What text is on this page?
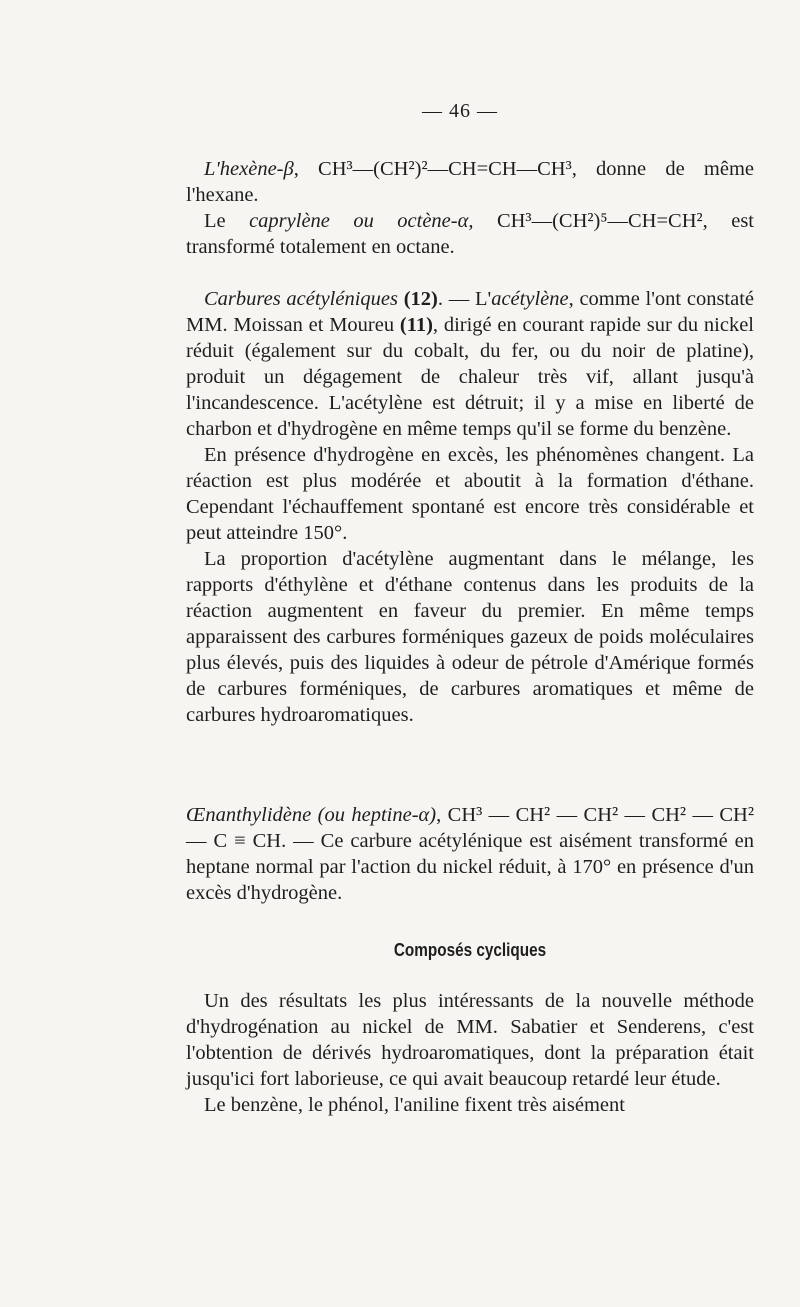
— 46 —

L'hexène-β, CH³—(CH²)²—CH=CH—CH³, donne de même l'hexane.

Le caprylène ou octène-α, CH³—(CH²)⁵—CH=CH², est transformé totalement en octane.

Carbures acétyléniques (12). — L'acétylène, comme l'ont constaté MM. Moissan et Moureu (11), dirigé en courant rapide sur du nickel réduit (également sur du cobalt, du fer, ou du noir de platine), produit un dégagement de chaleur très vif, allant jusqu'à l'incandescence. L'acétylène est détruit; il y a mise en liberté de charbon et d'hydrogène en même temps qu'il se forme du benzène.

En présence d'hydrogène en excès, les phénomènes changent. La réaction est plus modérée et aboutit à la formation d'éthane. Cependant l'échauffement spontané est encore très considérable et peut atteindre 150°.

La proportion d'acétylène augmentant dans le mélange, les rapports d'éthylène et d'éthane contenus dans les produits de la réaction augmentent en faveur du premier. En même temps apparaissent des carbures forméniques gazeux de poids moléculaires plus élevés, puis des liquides à odeur de pétrole d'Amérique formés de carbures forméniques, de carbures aromatiques et même de carbures hydroaromatiques.

Œnanthylidène (ou heptine-α), CH³ — CH² — CH² — CH² — CH² — C ≡ CH. — Ce carbure acétylénique est aisément transformé en heptane normal par l'action du nickel réduit, à 170° en présence d'un excès d'hydrogène.

Composés cycliques

Un des résultats les plus intéressants de la nouvelle méthode d'hydrogénation au nickel de MM. Sabatier et Senderens, c'est l'obtention de dérivés hydroaromatiques, dont la préparation était jusqu'ici fort laborieuse, ce qui avait beaucoup retardé leur étude.

Le benzène, le phénol, l'aniline fixent très aisément
